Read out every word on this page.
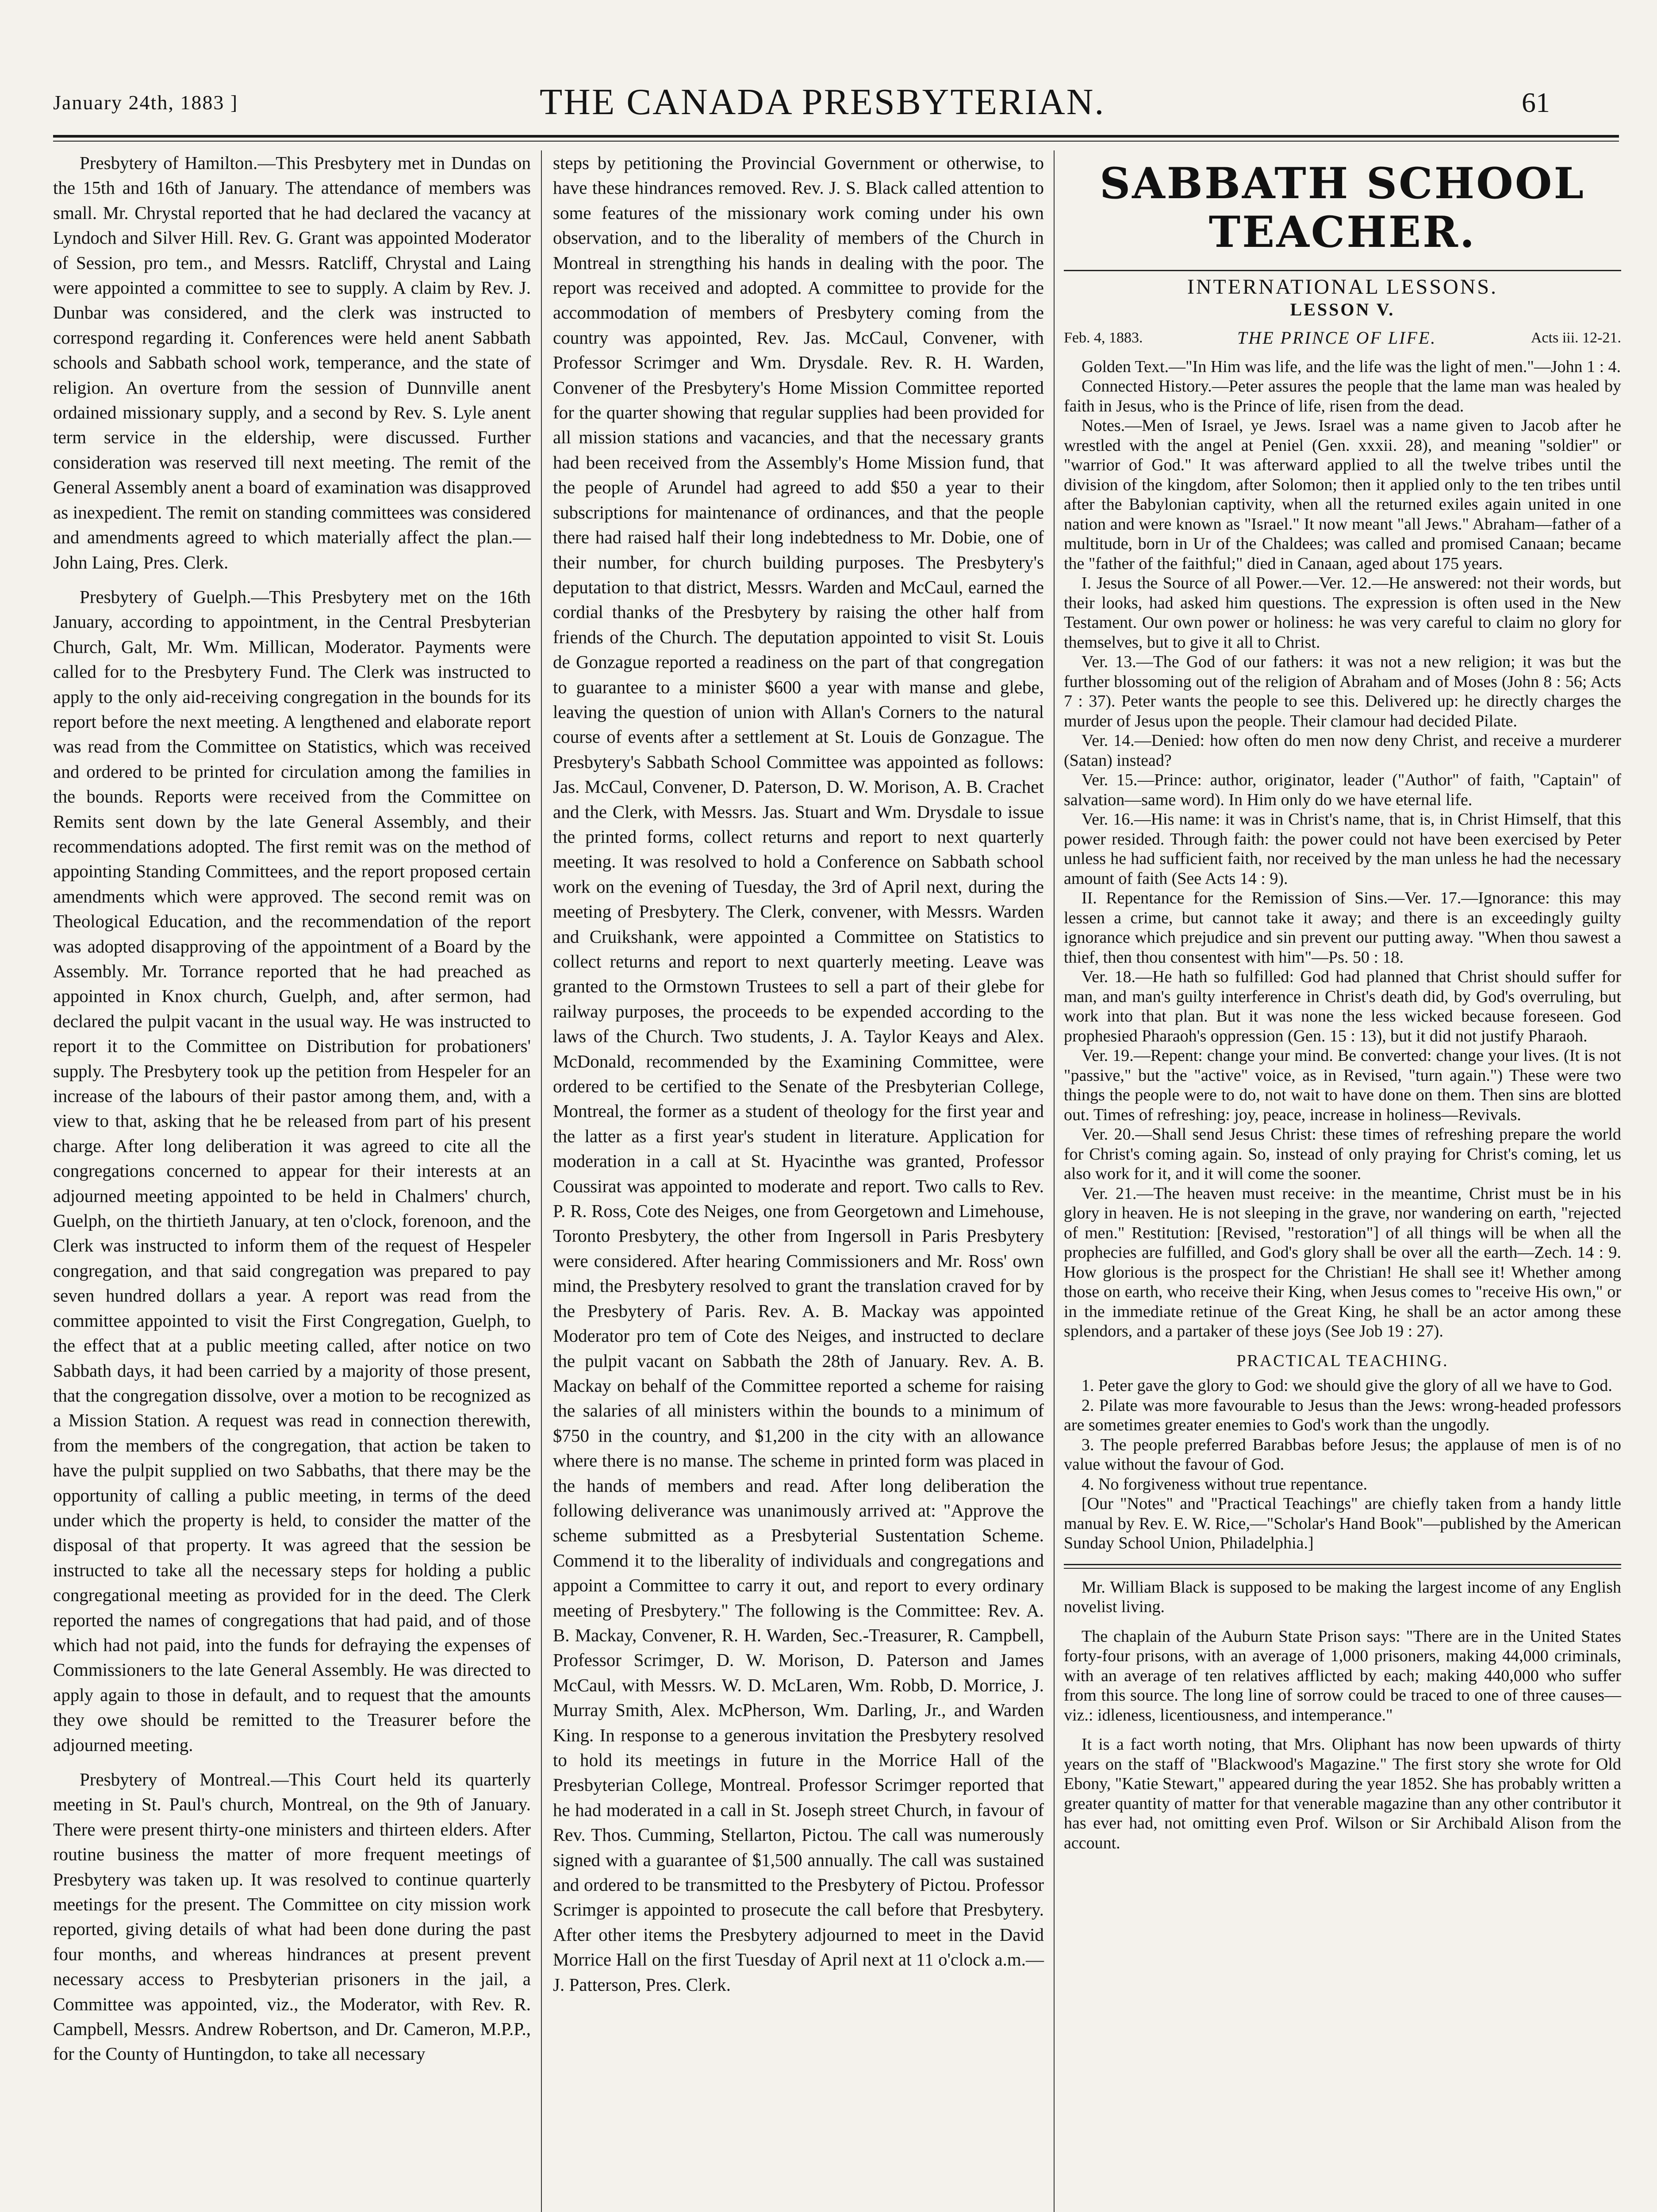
January 24th, 1883 ]	THE CANADA PRESBYTERIAN.	61

Presbytery of Hamilton.—This Presbytery met in Dundas on the 15th and 16th of January. The attendance of members was small. Mr. Chrystal reported that he had declared the vacancy at Lyndoch and Silver Hill. Rev. G. Grant was appointed Moderator of Session, pro tem., and Messrs. Ratcliff, Chrystal and Laing were appointed a committee to see to supply. A claim by Rev. J. Dunbar was considered, and the clerk was instructed to correspond regarding it. Conferences were held anent Sabbath schools and Sabbath school work, temperance, and the state of religion. An overture from the session of Dunnville anent ordained missionary supply, and a second by Rev. S. Lyle anent term service in the eldership, were discussed. Further consideration was reserved till next meeting. The remit of the General Assembly anent a board of examination was disapproved as inexpedient. The remit on standing committees was considered and amendments agreed to which materially affect the plan.—John Laing, Pres. Clerk.

Presbytery of Guelph.—This Presbytery met on the 16th January, according to appointment, in the Central Presbyterian Church, Galt, Mr. Wm. Millican, Moderator. Payments were called for to the Presbytery Fund. The Clerk was instructed to apply to the only aid-receiving congregation in the bounds for its report before the next meeting. A lengthened and elaborate report was read from the Committee on Statistics, which was received and ordered to be printed for circulation among the families in the bounds. Reports were received from the Committee on Remits sent down by the late General Assembly, and their recommendations adopted. The first remit was on the method of appointing Standing Committees, and the report proposed certain amendments which were approved. The second remit was on Theological Education, and the recommendation of the report was adopted disapproving of the appointment of a Board by the Assembly. Mr. Torrance reported that he had preached as appointed in Knox church, Guelph, and, after sermon, had declared the pulpit vacant in the usual way. He was instructed to report it to the Committee on Distribution for probationers' supply. The Presbytery took up the petition from Hespeler for an increase of the labours of their pastor among them, and, with a view to that, asking that he be released from part of his present charge. After long deliberation it was agreed to cite all the congregations concerned to appear for their interests at an adjourned meeting appointed to be held in Chalmers' church, Guelph, on the thirtieth January, at ten o'clock, forenoon, and the Clerk was instructed to inform them of the request of Hespeler congregation, and that said congregation was prepared to pay seven hundred dollars a year. A report was read from the committee appointed to visit the First Congregation, Guelph, to the effect that at a public meeting called, after notice on two Sabbath days, it had been carried by a majority of those present, that the congregation dissolve, over a motion to be recognized as a Mission Station. A request was read in connection therewith, from the members of the congregation, that action be taken to have the pulpit supplied on two Sabbaths, that there may be the opportunity of calling a public meeting, in terms of the deed under which the property is held, to consider the matter of the disposal of that property. It was agreed that the session be instructed to take all the necessary steps for holding a public congregational meeting as provided for in the deed. The Clerk reported the names of congregations that had paid, and of those which had not paid, into the funds for defraying the expenses of Commissioners to the late General Assembly. He was directed to apply again to those in default, and to request that the amounts they owe should be remitted to the Treasurer before the adjourned meeting.

Presbytery of Montreal.—This Court held its quarterly meeting in St. Paul's church, Montreal, on the 9th of January. There were present thirty-one ministers and thirteen elders. After routine business the matter of more frequent meetings of Presbytery was taken up. It was resolved to continue quarterly meetings for the present. The Committee on city mission work reported, giving details of what had been done during the past four months, and whereas hindrances at present prevent necessary access to Presbyterian prisoners in the jail, a Committee was appointed, viz., the Moderator, with Rev. R. Campbell, Messrs. Andrew Robertson, and Dr. Cameron, M.P.P., for the County of Huntingdon, to take all necessary

steps by petitioning the Provincial Government or otherwise, to have these hindrances removed. Rev. J. S. Black called attention to some features of the missionary work coming under his own observation, and to the liberality of members of the Church in Montreal in strengthing his hands in dealing with the poor. The report was received and adopted. A committee to provide for the accommodation of members of Presbytery coming from the country was appointed, Rev. Jas. McCaul, Convener, with Professor Scrimger and Wm. Drysdale. Rev. R. H. Warden, Convener of the Presbytery's Home Mission Committee reported for the quarter showing that regular supplies had been provided for all mission stations and vacancies, and that the necessary grants had been received from the Assembly's Home Mission fund, that the people of Arundel had agreed to add $50 a year to their subscriptions for maintenance of ordinances, and that the people there had raised half their long indebtedness to Mr. Dobie, one of their number, for church building purposes. The Presbytery's deputation to that district, Messrs. Warden and McCaul, earned the cordial thanks of the Presbytery by raising the other half from friends of the Church. The deputation appointed to visit St. Louis de Gonzague reported a readiness on the part of that congregation to guarantee to a minister $600 a year with manse and glebe, leaving the question of union with Allan's Corners to the natural course of events after a settlement at St. Louis de Gonzague. The Presbytery's Sabbath School Committee was appointed as follows: Jas. McCaul, Convener, D. Paterson, D. W. Morison, A. B. Crachet and the Clerk, with Messrs. Jas. Stuart and Wm. Drysdale to issue the printed forms, collect returns and report to next quarterly meeting. It was resolved to hold a Conference on Sabbath school work on the evening of Tuesday, the 3rd of April next, during the meeting of Presbytery. The Clerk, convener, with Messrs. Warden and Cruikshank, were appointed a Committee on Statistics to collect returns and report to next quarterly meeting. Leave was granted to the Ormstown Trustees to sell a part of their glebe for railway purposes, the proceeds to be expended according to the laws of the Church. Two students, J. A. Taylor Keays and Alex. McDonald, recommended by the Examining Committee, were ordered to be certified to the Senate of the Presbyterian College, Montreal, the former as a student of theology for the first year and the latter as a first year's student in literature. Application for moderation in a call at St. Hyacinthe was granted, Professor Coussirat was appointed to moderate and report. Two calls to Rev. P. R. Ross, Cote des Neiges, one from Georgetown and Limehouse, Toronto Presbytery, the other from Ingersoll in Paris Presbytery were considered. After hearing Commissioners and Mr. Ross' own mind, the Presbytery resolved to grant the translation craved for by the Presbytery of Paris. Rev. A. B. Mackay was appointed Moderator pro tem of Cote des Neiges, and instructed to declare the pulpit vacant on Sabbath the 28th of January. Rev. A. B. Mackay on behalf of the Committee reported a scheme for raising the salaries of all ministers within the bounds to a minimum of $750 in the country, and $1,200 in the city with an allowance where there is no manse. The scheme in printed form was placed in the hands of members and read. After long deliberation the following deliverance was unanimously arrived at: "Approve the scheme submitted as a Presbyterial Sustentation Scheme. Commend it to the liberality of individuals and congregations and appoint a Committee to carry it out, and report to every ordinary meeting of Presbytery." The following is the Committee: Rev. A. B. Mackay, Convener, R. H. Warden, Sec.-Treasurer, R. Campbell, Professor Scrimger, D. W. Morison, D. Paterson and James McCaul, with Messrs. W. D. McLaren, Wm. Robb, D. Morrice, J. Murray Smith, Alex. McPherson, Wm. Darling, Jr., and Warden King. In response to a generous invitation the Presbytery resolved to hold its meetings in future in the Morrice Hall of the Presbyterian College, Montreal. Professor Scrimger reported that he had moderated in a call in St. Joseph street Church, in favour of Rev. Thos. Cumming, Stellarton, Pictou. The call was numerously signed with a guarantee of $1,500 annually. The call was sustained and ordered to be transmitted to the Presbytery of Pictou. Professor Scrimger is appointed to prosecute the call before that Presbytery. After other items the Presbytery adjourned to meet in the David Morrice Hall on the first Tuesday of April next at 11 o'clock a.m.—J. Patterson, Pres. Clerk.

SABBATH SCHOOL TEACHER.
INTERNATIONAL LESSONS.
LESSON V.
Feb. 4, 1883.	THE PRINCE OF LIFE.	Acts iii. 12-21.

Golden Text.—"In Him was life, and the life was the light of men."—John 1 : 4.

Connected History.—Peter assures the people that the lame man was healed by faith in Jesus, who is the Prince of life, risen from the dead.

Notes.—Men of Israel, ye Jews. Israel was a name given to Jacob after he wrestled with the angel at Peniel (Gen. xxxii. 28), and meaning "soldier" or "warrior of God." It was afterward applied to all the twelve tribes until the division of the kingdom, after Solomon; then it applied only to the ten tribes until after the Babylonian captivity, when all the returned exiles again united in one nation and were known as "Israel." It now meant "all Jews." Abraham—father of a multitude, born in Ur of the Chaldees; was called and promised Canaan; became the "father of the faithful;" died in Canaan, aged about 175 years.

I. Jesus the Source of all Power.—Ver. 12.—He answered: not their words, but their looks, had asked him questions. The expression is often used in the New Testament. Our own power or holiness: he was very careful to claim no glory for themselves, but to give it all to Christ.

Ver. 13.—The God of our fathers: it was not a new religion; it was but the further blossoming out of the religion of Abraham and of Moses (John 8 : 56; Acts 7 : 37). Peter wants the people to see this. Delivered up: he directly charges the murder of Jesus upon the people. Their clamour had decided Pilate.

Ver. 14.—Denied: how often do men now deny Christ, and receive a murderer (Satan) instead?

Ver. 15.—Prince: author, originator, leader ("Author" of faith, "Captain" of salvation—same word). In Him only do we have eternal life.

Ver. 16.—His name: it was in Christ's name, that is, in Christ Himself, that this power resided. Through faith: the power could not have been exercised by Peter unless he had sufficient faith, nor received by the man unless he had the necessary amount of faith (See Acts 14 : 9).

II. Repentance for the Remission of Sins.—Ver. 17.—Ignorance: this may lessen a crime, but cannot take it away; and there is an exceedingly guilty ignorance which prejudice and sin prevent our putting away. "When thou sawest a thief, then thou consentest with him"—Ps. 50 : 18.

Ver. 18.—He hath so fulfilled: God had planned that Christ should suffer for man, and man's guilty interference in Christ's death did, by God's overruling, but work into that plan. But it was none the less wicked because foreseen. God prophesied Pharaoh's oppression (Gen. 15 : 13), but it did not justify Pharaoh.

Ver. 19.—Repent: change your mind. Be converted: change your lives. (It is not "passive," but the "active" voice, as in Revised, "turn again.") These were two things the people were to do, not wait to have done on them. Then sins are blotted out. Times of refreshing: joy, peace, increase in holiness—Revivals.

Ver. 20.—Shall send Jesus Christ: these times of refreshing prepare the world for Christ's coming again. So, instead of only praying for Christ's coming, let us also work for it, and it will come the sooner.

Ver. 21.—The heaven must receive: in the meantime, Christ must be in his glory in heaven. He is not sleeping in the grave, nor wandering on earth, "rejected of men." Restitution: [Revised, "restoration"] of all things will be when all the prophecies are fulfilled, and God's glory shall be over all the earth—Zech. 14 : 9. How glorious is the prospect for the Christian! He shall see it! Whether among those on earth, who receive their King, when Jesus comes to "receive His own," or in the immediate retinue of the Great King, he shall be an actor among these splendors, and a partaker of these joys (See Job 19 : 27).

PRACTICAL TEACHING.

1. Peter gave the glory to God: we should give the glory of all we have to God.

2. Pilate was more favourable to Jesus than the Jews: wrong-headed professors are sometimes greater enemies to God's work than the ungodly.

3. The people preferred Barabbas before Jesus; the applause of men is of no value without the favour of God.

4. No forgiveness without true repentance.

[Our "Notes" and "Practical Teachings" are chiefly taken from a handy little manual by Rev. E. W. Rice,—"Scholar's Hand Book"—published by the American Sunday School Union, Philadelphia.]

Mr. William Black is supposed to be making the largest income of any English novelist living.

The chaplain of the Auburn State Prison says: "There are in the United States forty-four prisons, with an average of 1,000 prisoners, making 44,000 criminals, with an average of ten relatives afflicted by each; making 440,000 who suffer from this source. The long line of sorrow could be traced to one of three causes—viz.: idleness, licentiousness, and intemperance."

It is a fact worth noting, that Mrs. Oliphant has now been upwards of thirty years on the staff of "Blackwood's Magazine." The first story she wrote for Old Ebony, "Katie Stewart," appeared during the year 1852. She has probably written a greater quantity of matter for that venerable magazine than any other contributor it has ever had, not omitting even Prof. Wilson or Sir Archibald Alison from the account.
